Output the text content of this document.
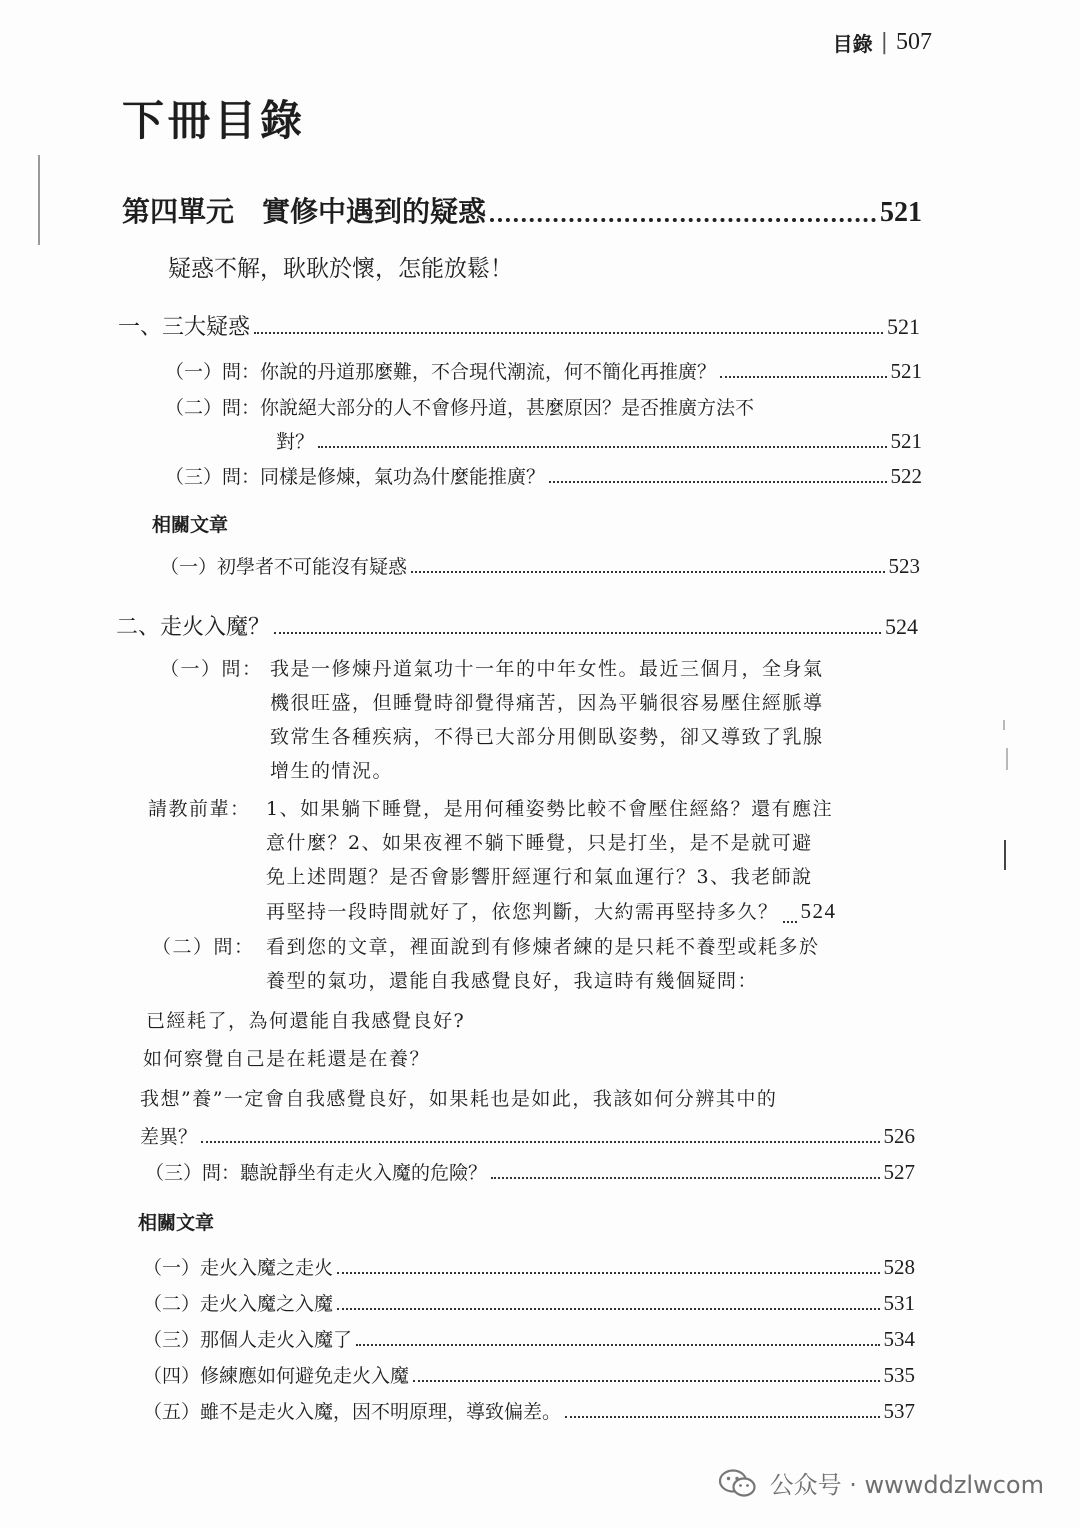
目錄 | 507
下冊目錄
第四單元 實修中遇到的疑惑	521
疑惑不解，耿耿於懷，怎能放鬆！
一、三大疑惑	521
（一）問： 你說的丹道那麼難，不合現代潮流，何不簡化再推廣？	521
（二）問： 你說絕大部分的人不會修丹道，甚麼原因？是否推廣方法不
對？	521
（三）問： 同樣是修煉，氣功為什麼能推廣？	522
相關文章
（一） 初學者不可能沒有疑惑	523
二、走火入魔？	524
（一）問： 我是一修煉丹道氣功十一年的中年女性。最近三個月，全身氣
機很旺盛，但睡覺時卻覺得痛苦，因為平躺很容易壓住經脈導
致常生各種疾病，不得已大部分用側臥姿勢，卻又導致了乳腺
增生的情況。
請教前輩： 1、如果躺下睡覺，是用何種姿勢比較不會壓住經絡？還有應注
意什麼？2、如果夜裡不躺下睡覺，只是打坐，是不是就可避
免上述問題？是否會影響肝經運行和氣血運行？3、我老師說
再堅持一段時間就好了，依您判斷，大約需再堅持多久？ 524
（二）問： 看到您的文章，裡面說到有修煉者練的是只耗不養型或耗多於
養型的氣功，還能自我感覺良好，我這時有幾個疑問：
已經耗了，為何還能自我感覺良好?
如何察覺自己是在耗還是在養？
我想”養”一定會自我感覺良好，如果耗也是如此，我該如何分辨其中的
差異？	526
（三）問： 聽說靜坐有走火入魔的危險？	527
相關文章
（一） 走火入魔之走火	528
（二） 走火入魔之入魔	531
（三） 那個人走火入魔了	534
（四） 修練應如何避免走火入魔	535
（五） 雖不是走火入魔，因不明原理，導致偏差。	537
公众号 · wwwddzlwcom
